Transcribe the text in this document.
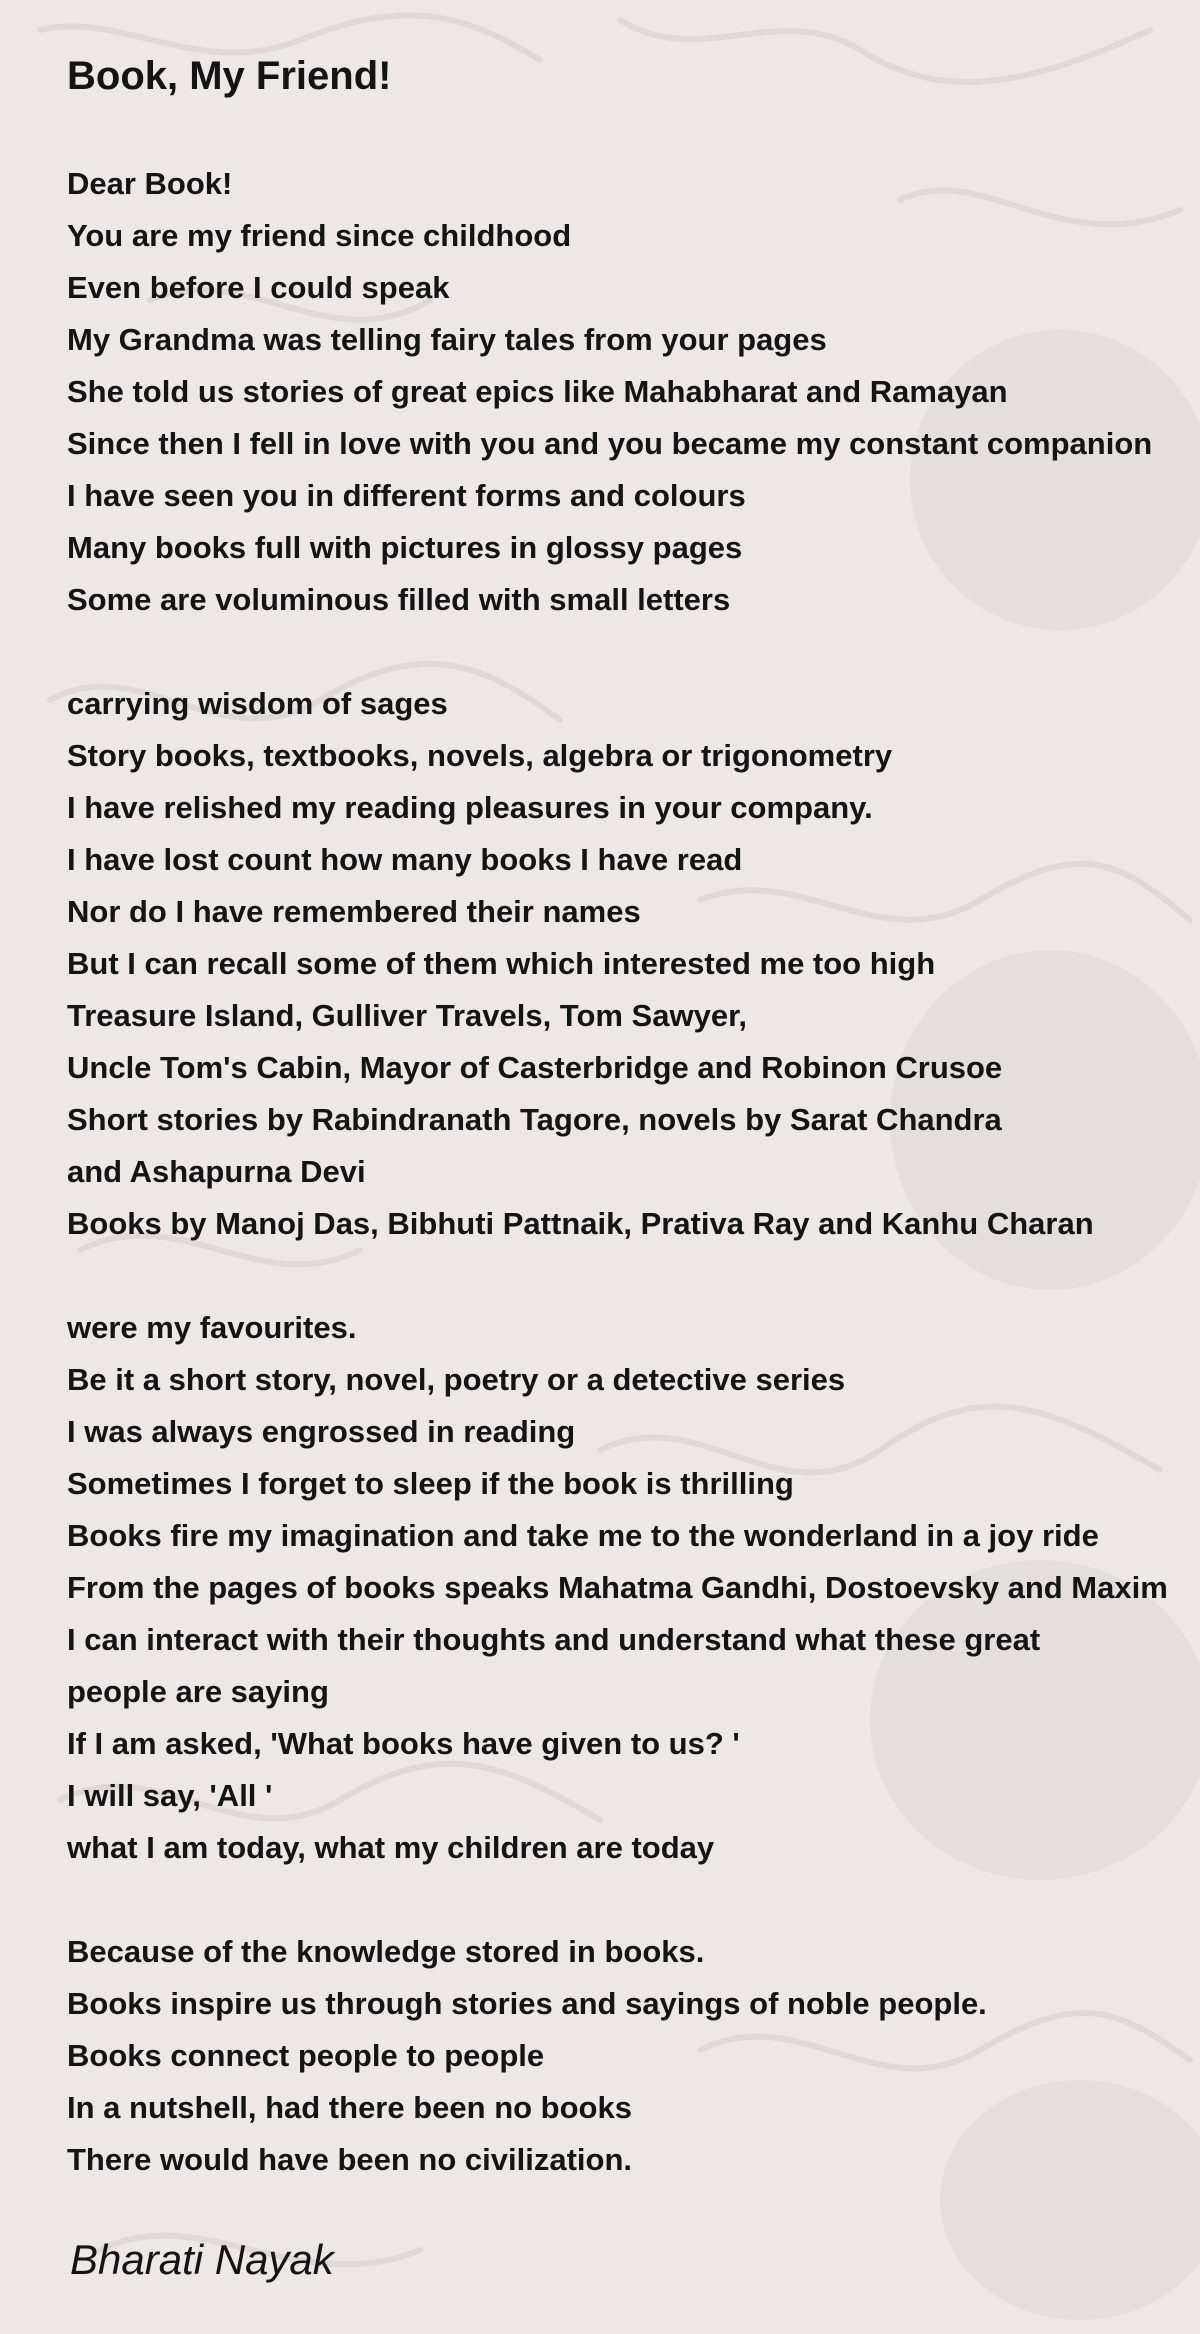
Book, My Friend!
Dear Book!
You are my friend since childhood
Even before I could speak
My Grandma was telling fairy tales from your pages
She told us stories of great epics like Mahabharat and Ramayan
Since then I fell in love with you and you became my constant companion
I have seen you in different forms and colours
Many books full with pictures in glossy pages
Some are voluminous filled with small letters
carrying wisdom of sages
Story books, textbooks, novels, algebra or trigonometry
I have relished my reading pleasures in your company.
I have lost count how many books I have read
Nor do I have remembered their names
But I can recall some of them which interested me too high
Treasure Island, Gulliver Travels, Tom Sawyer,
Uncle Tom's Cabin, Mayor of Casterbridge and Robinon Crusoe
Short stories by Rabindranath Tagore, novels by Sarat Chandra
and Ashapurna Devi
Books by Manoj Das, Bibhuti Pattnaik, Prativa Ray and Kanhu Charan
were my favourites.
Be it a short story, novel, poetry or a detective series
I was always engrossed in reading
Sometimes I forget to sleep if the book is thrilling
Books fire my imagination and take me to the wonderland in a joy ride
From the pages of books speaks Mahatma Gandhi, Dostoevsky and Maxim
I can interact with their thoughts and understand what these great
people are saying
If I am asked, 'What books have given to us? '
I will say, 'All '
what I am today, what my children are today
Because of the knowledge stored in books.
Books inspire us through stories and sayings of noble people.
Books connect people to people
In a nutshell, had there been no books
There would have been no civilization.
Bharati Nayak
